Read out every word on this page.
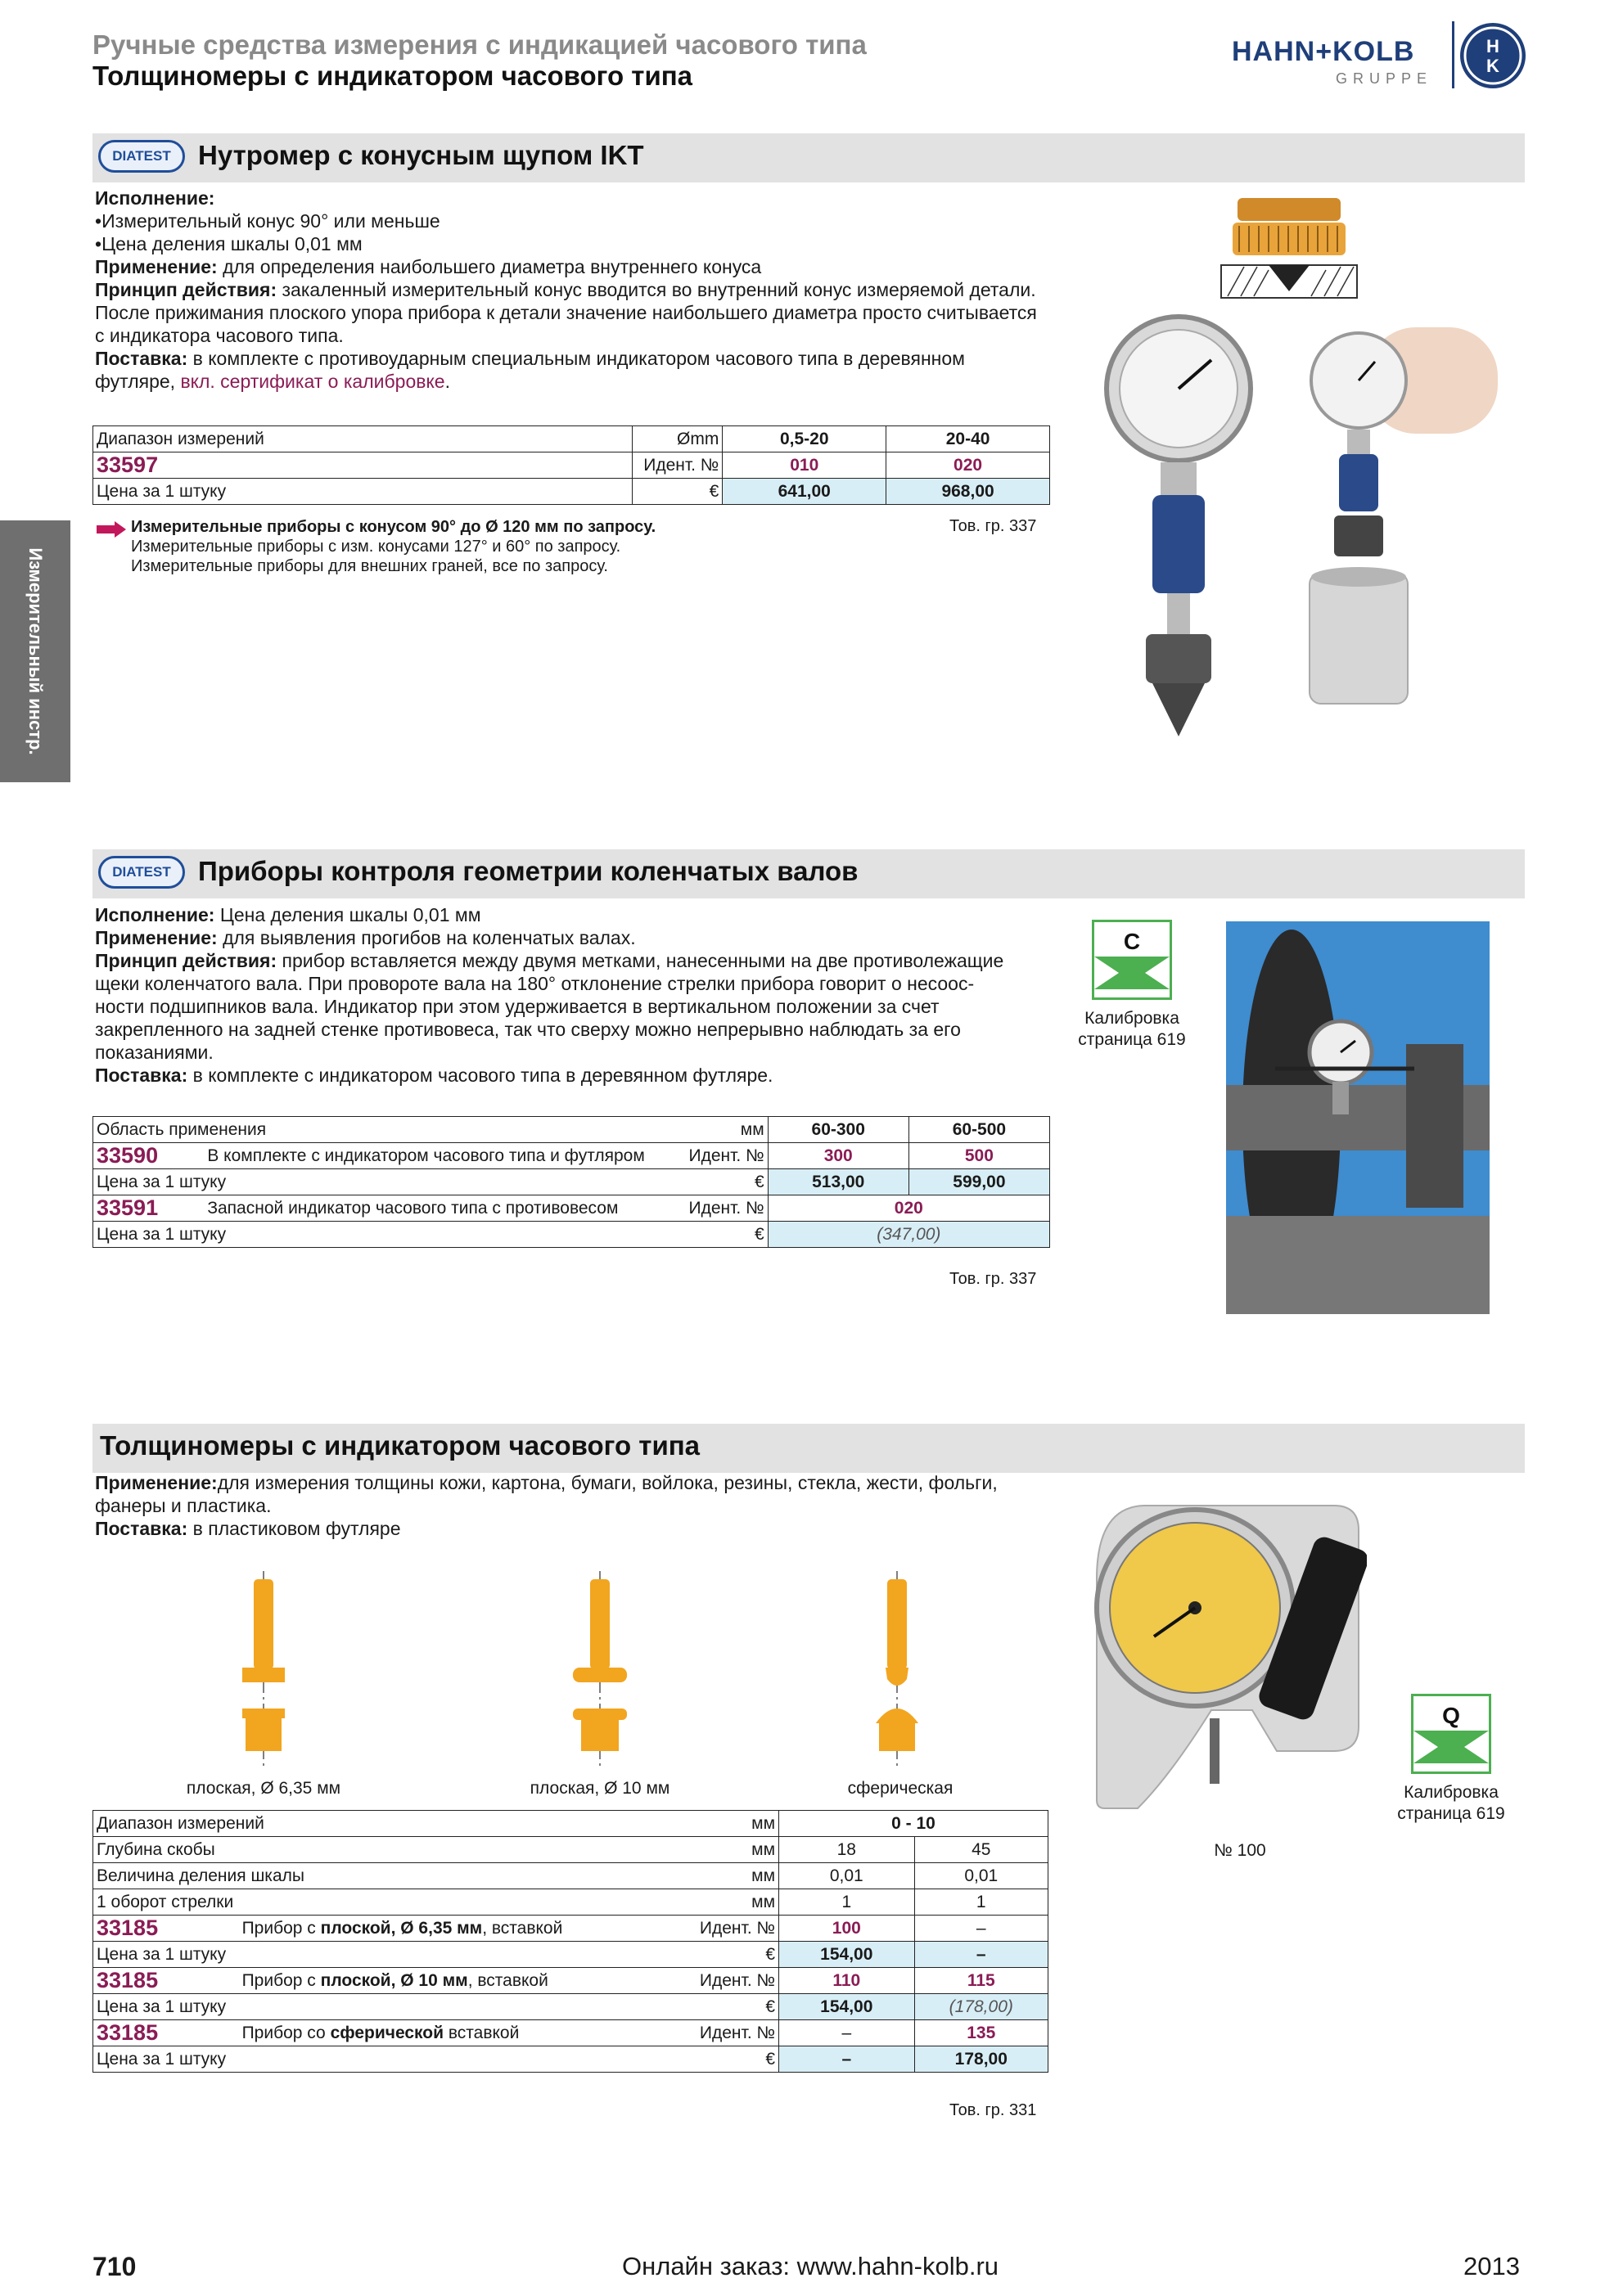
Ручные средства измерения с индикацией часового типа
Толщиномеры с индикатором часового типа
HAHN+KOLB
GRUPPE
H
K
Измерительный инстр.
DIATEST	Нутромер с конусным щупом IKT
Исполнение:
•Измерительный конус 90° или меньше
•Цена деления шкалы 0,01 мм
Применение: для определения наибольшего диаметра внутреннего конуса
Принцип действия: закаленный измерительный конус вводится во внутренний конус измеряемой детали. После прижимания плоского упора прибора к детали значение наибольшего диаметра просто считывается с индикатора часового типа.
Поставка: в комплекте с противоударным специальным индикатором часового типа в деревянном футляре, вкл. сертификат о калибровке.
Диапазон измерений	Ømm	0,5-20	20-40
33597	Идент. №	010	020
Цена за 1 штуку	€	641,00	968,00
Измерительные приборы с конусом 90° до Ø 120 мм по запросу.
Измерительные приборы с изм. конусами 127° и 60° по запросу.
Измерительные приборы для внешних граней, все по запросу.
Тов. гр. 337
DIATEST	Приборы контроля геометрии коленчатых валов
Исполнение: Цена деления шкалы 0,01 мм
Применение: для выявления прогибов на коленчатых валах.
Принцип действия: прибор вставляется между двумя метками, нанесенными на две противолежащие
щеки коленчатого вала. При провороте вала на 180° отклонение стрелки прибора говорит о несоос-
ности подшипников вала. Индикатор при этом удерживается в вертикальном положении за счет
закрепленного на задней стенке противовеса, так что сверху можно непрерывно наблюдать за его
показаниями.
Поставка: в комплекте с индикатором часового типа в деревянном футляре.
Область применения		мм	60-300	60-500
33590	В комплекте с индикатором часового типа и футляром	Идент. №	300	500
Цена за 1 штуку		€	513,00	599,00
33591	Запасной индикатор часового типа с противовесом	Идент. №	020	
Цена за 1 штуку		€	(347,00)	
Тов. гр. 337
C
Калибровка
страница 619
Толщиномеры с индикатором часового типа
Применение:для измерения толщины кожи, картона, бумаги, войлока, резины, стекла, жести, фольги,
фанеры и пластика.
Поставка: в пластиковом футляре
плоская, Ø 6,35 мм	плоская, Ø 10 мм	сферическая
Диапазон измерений		мм	0 - 10	
Глубина скобы		мм	18	45
Величина деления шкалы		мм	0,01	0,01
1 оборот стрелки		мм	1	1
33185	Прибор с плоской, Ø 6,35 мм, вставкой	Идент. №	100	–
Цена за 1 штуку		€	154,00	–
33185	Прибор с плоской, Ø 10 мм, вставкой	Идент. №	110	115
Цена за 1 штуку		€	154,00	(178,00)
33185	Прибор со сферической вставкой	Идент. №	–	135
Цена за 1 штуку		€	–	178,00
Тов. гр. 331
№ 100
Q
Калибровка
страница 619
710	Онлайн заказ: www.hahn-kolb.ru	2013
